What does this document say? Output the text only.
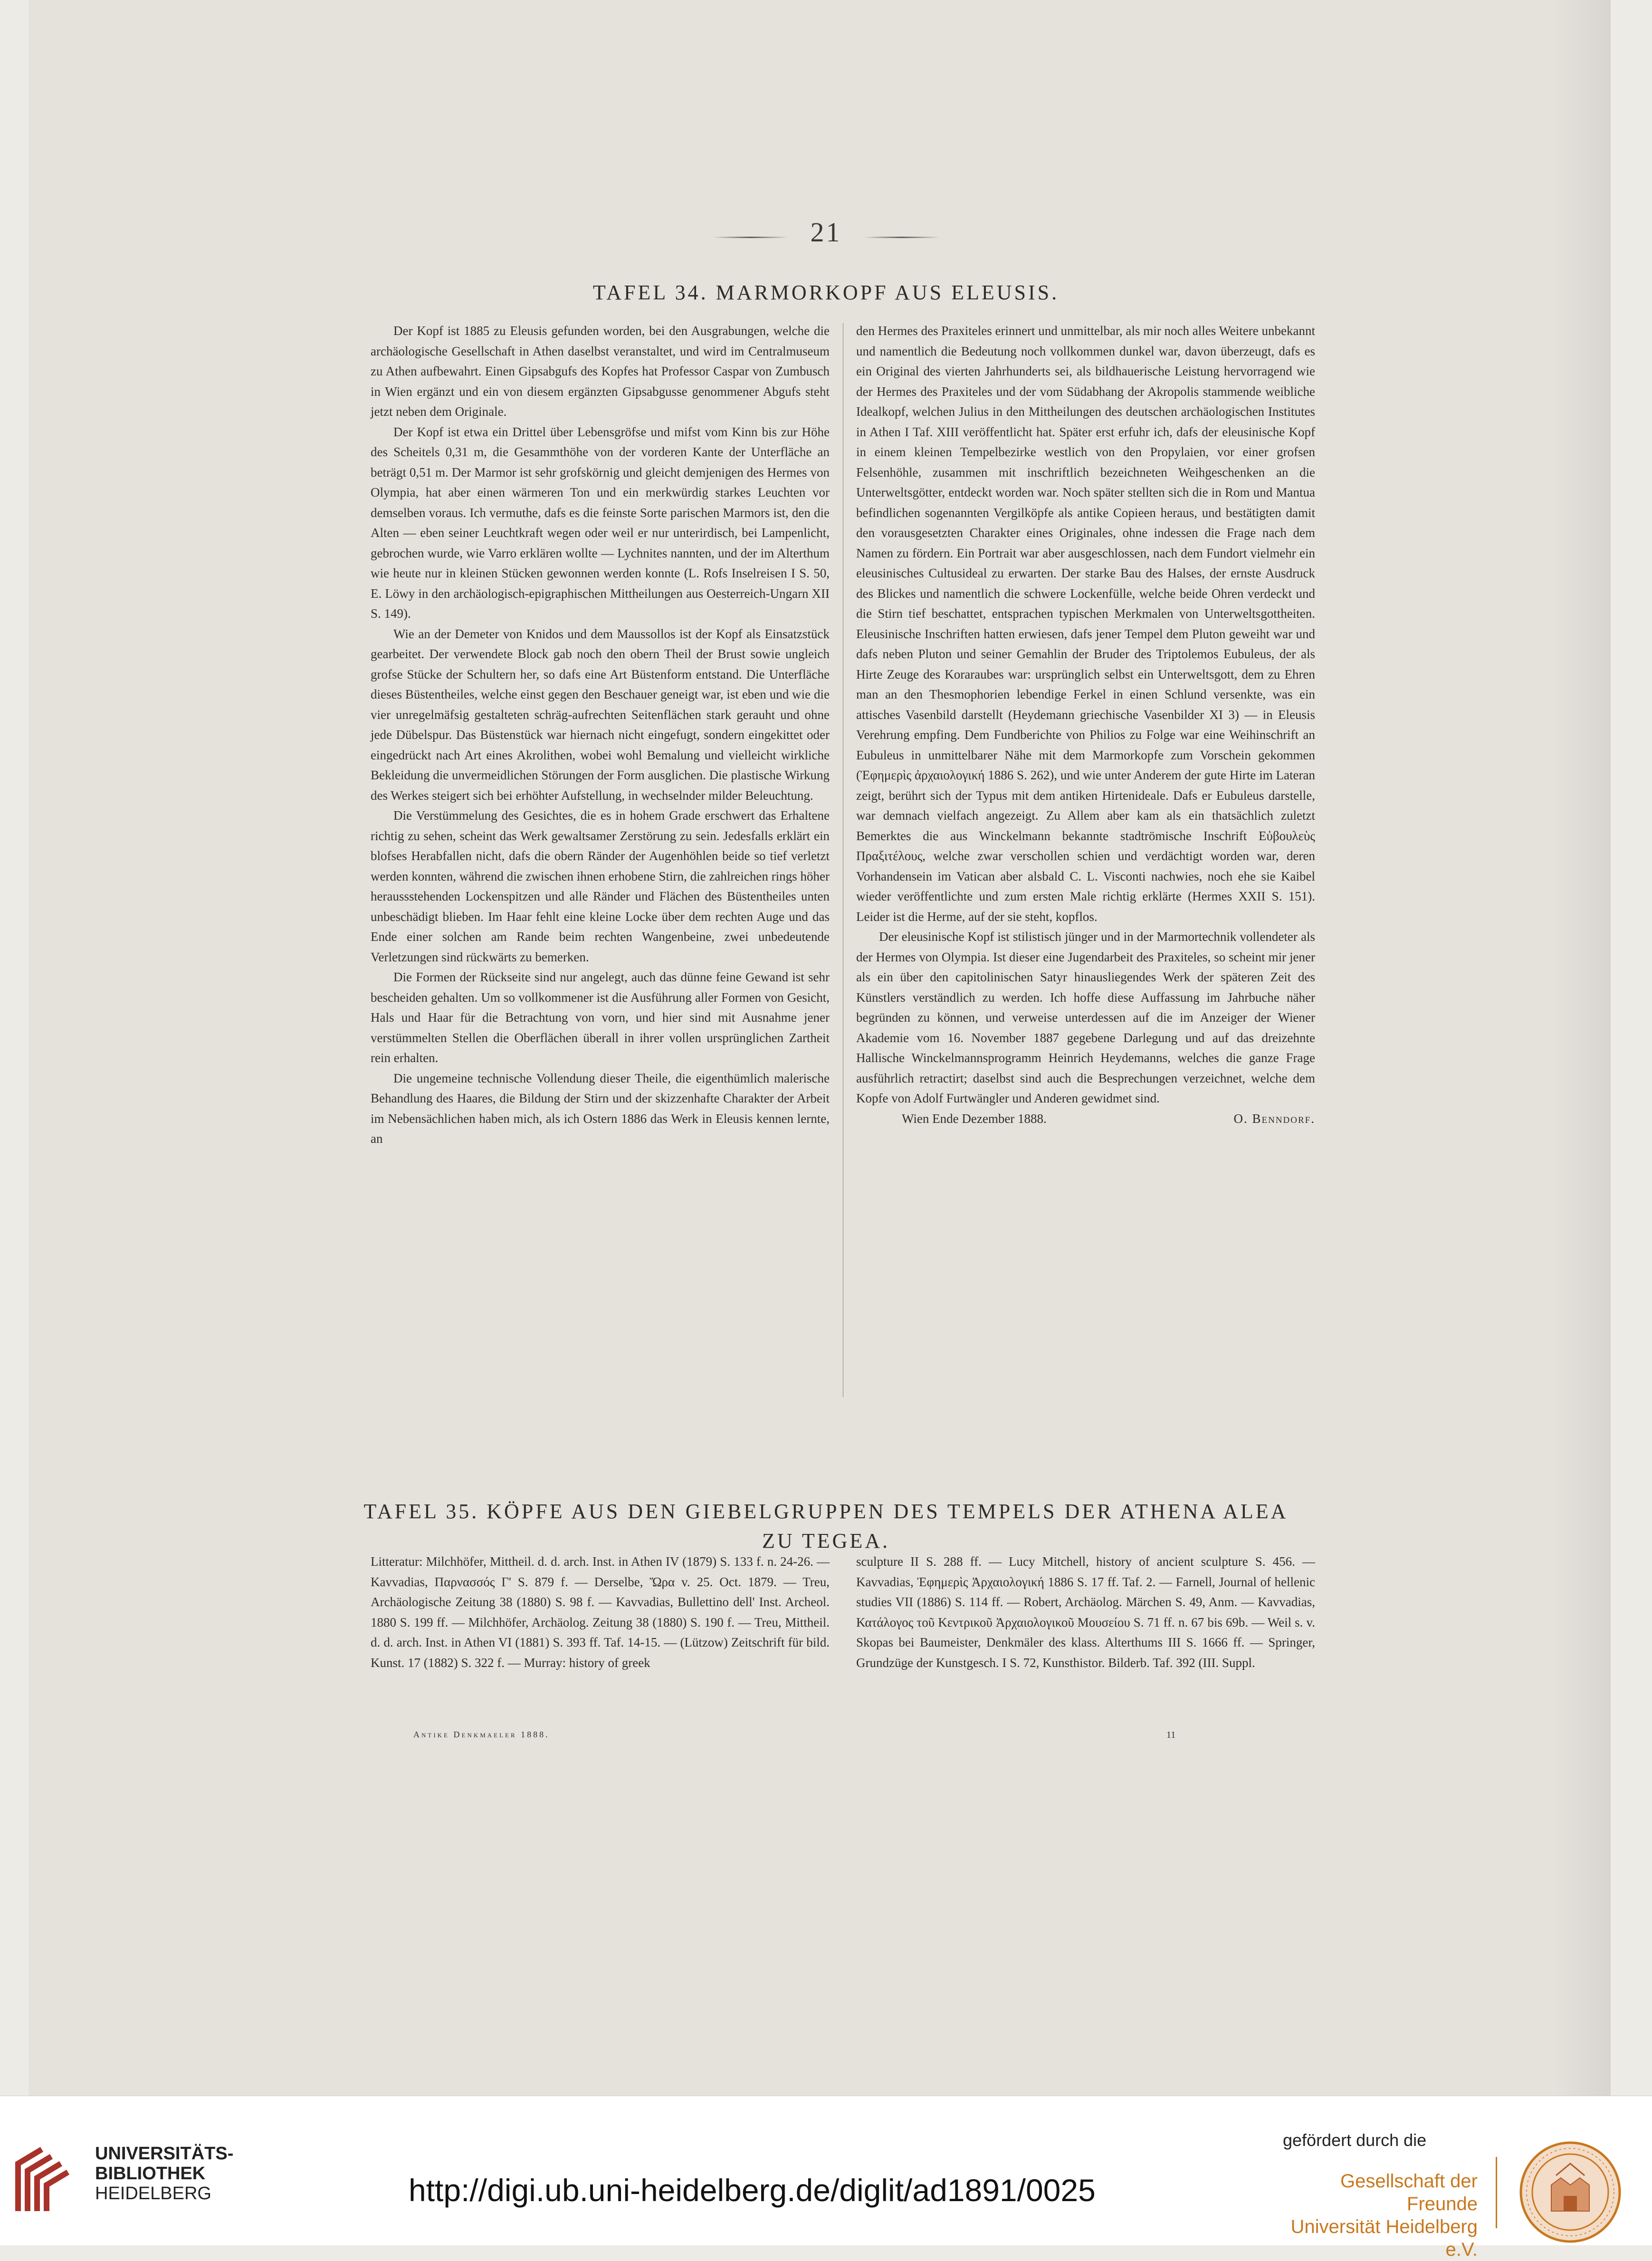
21
TAFEL 34. MARMORKOPF AUS ELEUSIS.

Der Kopf ist 1885 zu Eleusis gefunden worden, bei den Ausgrabungen, welche die archäologische Gesellschaft in Athen daselbst veranstaltet, und wird im Centralmuseum zu Athen aufbewahrt. Einen Gipsabgufs des Kopfes hat Professor Caspar von Zumbusch in Wien ergänzt und ein von diesem ergänzten Gipsabgusse genommener Abgufs steht jetzt neben dem Originale.

Der Kopf ist etwa ein Drittel über Lebensgröfse und mifst vom Kinn bis zur Höhe des Scheitels 0,31 m, die Gesammthöhe von der vorderen Kante der Unterfläche an beträgt 0,51 m. Der Marmor ist sehr grofskörnig und gleicht demjenigen des Hermes von Olympia, hat aber einen wärmeren Ton und ein merkwürdig starkes Leuchten vor demselben voraus. Ich vermuthe, dafs es die feinste Sorte parischen Marmors ist, den die Alten — eben seiner Leuchtkraft wegen oder weil er nur unterirdisch, bei Lampenlicht, gebrochen wurde, wie Varro erklären wollte — Lychnites nannten, und der im Alterthum wie heute nur in kleinen Stücken gewonnen werden konnte (L. Rofs Inselreisen I S. 50, E. Löwy in den archäologisch-epigraphischen Mittheilungen aus Oesterreich-Ungarn XII S. 149).

Wie an der Demeter von Knidos und dem Maussollos ist der Kopf als Einsatzstück gearbeitet. Der verwendete Block gab noch den obern Theil der Brust sowie ungleich grofse Stücke der Schultern her, so dafs eine Art Büstenform entstand. Die Unterfläche dieses Büstentheiles, welche einst gegen den Beschauer geneigt war, ist eben und wie die vier unregelmäfsig gestalteten schräg-aufrechten Seitenflächen stark gerauht und ohne jede Dübelspur. Das Büstenstück war hiernach nicht eingefugt, sondern eingekittet oder eingedrückt nach Art eines Akrolithen, wobei wohl Bemalung und vielleicht wirkliche Bekleidung die unvermeidlichen Störungen der Form ausglichen. Die plastische Wirkung des Werkes steigert sich bei erhöhter Aufstellung, in wechselnder milder Beleuchtung.

Die Verstümmelung des Gesichtes, die es in hohem Grade erschwert das Erhaltene richtig zu sehen, scheint das Werk gewaltsamer Zerstörung zu sein. Jedesfalls erklärt ein blofses Herabfallen nicht, dafs die obern Ränder der Augenhöhlen beide so tief verletzt werden konnten, während die zwischen ihnen erhobene Stirn, die zahlreichen rings höher heraussstehenden Lockenspitzen und alle Ränder und Flächen des Büstentheiles unten unbeschädigt blieben. Im Haar fehlt eine kleine Locke über dem rechten Auge und das Ende einer solchen am Rande beim rechten Wangenbeine, zwei unbedeutende Verletzungen sind rückwärts zu bemerken.

Die Formen der Rückseite sind nur angelegt, auch das dünne feine Gewand ist sehr bescheiden gehalten. Um so vollkommener ist die Ausführung aller Formen von Gesicht, Hals und Haar für die Betrachtung von vorn, und hier sind mit Ausnahme jener verstümmelten Stellen die Oberflächen überall in ihrer vollen ursprünglichen Zartheit rein erhalten.

Die ungemeine technische Vollendung dieser Theile, die eigenthümlich malerische Behandlung des Haares, die Bildung der Stirn und der skizzenhafte Charakter der Arbeit im Nebensächlichen haben mich, als ich Ostern 1886 das Werk in Eleusis kennen lernte, an

den Hermes des Praxiteles erinnert und unmittelbar, als mir noch alles Weitere unbekannt und namentlich die Bedeutung noch vollkommen dunkel war, davon überzeugt, dafs es ein Original des vierten Jahrhunderts sei, als bildhauerische Leistung hervorragend wie der Hermes des Praxiteles und der vom Südabhang der Akropolis stammende weibliche Idealkopf, welchen Julius in den Mittheilungen des deutschen archäologischen Institutes in Athen I Taf. XIII veröffentlicht hat. Später erst erfuhr ich, dafs der eleusinische Kopf in einem kleinen Tempelbezirke westlich von den Propylaien, vor einer grofsen Felsenhöhle, zusammen mit inschriftlich bezeichneten Weihgeschenken an die Unterweltsgötter, entdeckt worden war. Noch später stellten sich die in Rom und Mantua befindlichen sogenannten Vergilköpfe als antike Copieen heraus, und bestätigten damit den vorausgesetzten Charakter eines Originales, ohne indessen die Frage nach dem Namen zu fördern. Ein Portrait war aber ausgeschlossen, nach dem Fundort vielmehr ein eleusinisches Cultusideal zu erwarten. Der starke Bau des Halses, der ernste Ausdruck des Blickes und namentlich die schwere Lockenfülle, welche beide Ohren verdeckt und die Stirn tief beschattet, entsprachen typischen Merkmalen von Unterweltsgottheiten. Eleusinische Inschriften hatten erwiesen, dafs jener Tempel dem Pluton geweiht war und dafs neben Pluton und seiner Gemahlin der Bruder des Triptolemos Eubuleus, der als Hirte Zeuge des Koraraubes war: ursprünglich selbst ein Unterweltsgott, dem zu Ehren man an den Thesmophorien lebendige Ferkel in einen Schlund versenkte, was ein attisches Vasenbild darstellt (Heydemann griechische Vasenbilder XI 3) — in Eleusis Verehrung empfing. Dem Fundberichte von Philios zu Folge war eine Weihinschrift an Eubuleus in unmittelbarer Nähe mit dem Marmorkopfe zum Vorschein gekommen (Ἐφημερὶς ἀρχαιολογική 1886 S. 262), und wie unter Anderem der gute Hirte im Lateran zeigt, berührt sich der Typus mit dem antiken Hirtenideale. Dafs er Eubuleus darstelle, war demnach vielfach angezeigt. Zu Allem aber kam als ein thatsächlich zuletzt Bemerktes die aus Winckelmann bekannte stadtrömische Inschrift Εὐβουλεὺς Πραξιτέλους, welche zwar verschollen schien und verdächtigt worden war, deren Vorhandensein im Vatican aber alsbald C. L. Visconti nachwies, noch ehe sie Kaibel wieder veröffentlichte und zum ersten Male richtig erklärte (Hermes XXII S. 151). Leider ist die Herme, auf der sie steht, kopflos.

Der eleusinische Kopf ist stilistisch jünger und in der Marmortechnik vollendeter als der Hermes von Olympia. Ist dieser eine Jugendarbeit des Praxiteles, so scheint mir jener als ein über den capitolinischen Satyr hinausliegendes Werk der späteren Zeit des Künstlers verständlich zu werden. Ich hoffe diese Auffassung im Jahrbuche näher begründen zu können, und verweise unterdessen auf die im Anzeiger der Wiener Akademie vom 16. November 1887 gegebene Darlegung und auf das dreizehnte Hallische Winckelmannsprogramm Heinrich Heydemanns, welches die ganze Frage ausführlich retractirt; daselbst sind auch die Besprechungen verzeichnet, welche dem Kopfe von Adolf Furtwängler und Anderen gewidmet sind.

Wien Ende Dezember 1888.	O. Benndorf.

TAFEL 35. KÖPFE AUS DEN GIEBELGRUPPEN DES TEMPELS DER ATHENA ALEA
ZU TEGEA.

Litteratur: Milchhöfer, Mittheil. d. d. arch. Inst. in Athen IV (1879) S. 133 f. n. 24-26. — Kavvadias, Παρνασσός Γ' S. 879 f. — Derselbe, Ὥρα v. 25. Oct. 1879. — Treu, Archäologische Zeitung 38 (1880) S. 98 f. — Kavvadias, Bullettino dell' Inst. Archeol. 1880 S. 199 ff. — Milchhöfer, Archäolog. Zeitung 38 (1880) S. 190 f. — Treu, Mittheil. d. d. arch. Inst. in Athen VI (1881) S. 393 ff. Taf. 14-15. — (Lützow) Zeitschrift für bild. Kunst. 17 (1882) S. 322 f. — Murray: history of greek

sculpture II S. 288 ff. — Lucy Mitchell, history of ancient sculpture S. 456. — Kavvadias, Ἐφημερὶς Ἀρχαιολογική 1886 S. 17 ff. Taf. 2. — Farnell, Journal of hellenic studies VII (1886) S. 114 ff. — Robert, Archäolog. Märchen S. 49, Anm. — Kavvadias, Κατάλογος τοῦ Κεντρικοῦ Ἀρχαιολογικοῦ Μουσείου S. 71 ff. n. 67 bis 69b. — Weil s. v. Skopas bei Baumeister, Denkmäler des klass. Alterthums III S. 1666 ff. — Springer, Grundzüge der Kunstgesch. I S. 72, Kunsthistor. Bilderb. Taf. 392 (III. Suppl.

Antike Denkmaeler 1888.	11
UNIVERSITÄTS-
BIBLIOTHEK
HEIDELBERG	http://digi.ub.uni-heidelberg.de/diglit/ad1891/0025
gefördert durch die
Gesellschaft der Freunde
Universität Heidelberg e.V.
